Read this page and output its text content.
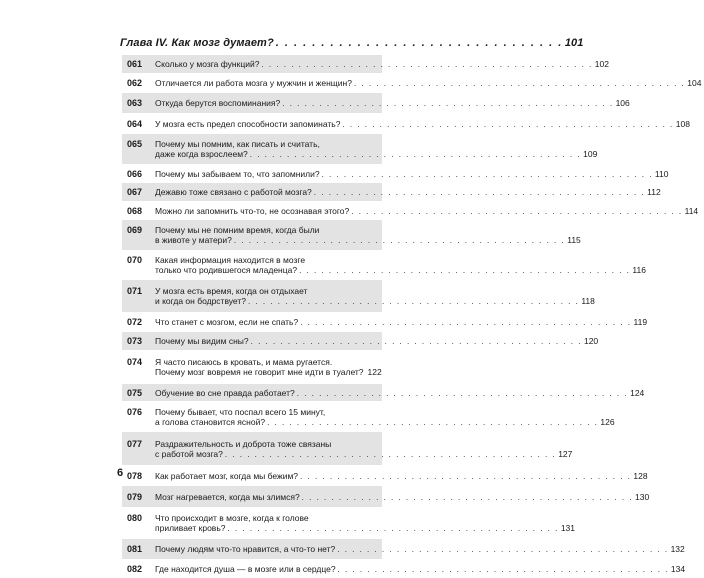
Глава IV. Как мозг думает? . . . . . . . . . . . . . . . . . . . . . . . . . . . . . . . . 101
061	Сколько у мозга функций? . . . . . . . . . . . . . . . . . . . . . . . . . . . . . . . . . . . . . . . . . . . . . 102
062	Отличается ли работа мозга у мужчин и женщин? . . . . . . . . . . . . . . . . . . . . . . . . . . . . . . . . . . . . . . . . . . . . . 104
063	Откуда берутся воспоминания? . . . . . . . . . . . . . . . . . . . . . . . . . . . . . . . . . . . . . . . . . . . . . 106
064	У мозга есть предел способности запоминать? . . . . . . . . . . . . . . . . . . . . . . . . . . . . . . . . . . . . . . . . . . . . . 108
065	Почему мы помним, как писать и считать,
даже когда взрослеем? . . . . . . . . . . . . . . . . . . . . . . . . . . . . . . . . . . . . . . . . . . . . . 109
066	Почему мы забываем то, что запомнили? . . . . . . . . . . . . . . . . . . . . . . . . . . . . . . . . . . . . . . . . . . . . . 110
067	Дежавю тоже связано с работой мозга? . . . . . . . . . . . . . . . . . . . . . . . . . . . . . . . . . . . . . . . . . . . . . 112
068	Можно ли запомнить что-то, не осознавая этого? . . . . . . . . . . . . . . . . . . . . . . . . . . . . . . . . . . . . . . . . . . . . . 114
069	Почему мы не помним время, когда были
в животе у матери? . . . . . . . . . . . . . . . . . . . . . . . . . . . . . . . . . . . . . . . . . . . . . 115
070	Какая информация находится в мозге
только что родившегося младенца? . . . . . . . . . . . . . . . . . . . . . . . . . . . . . . . . . . . . . . . . . . . . . 116
071	У мозга есть время, когда он отдыхает
и когда он бодрствует? . . . . . . . . . . . . . . . . . . . . . . . . . . . . . . . . . . . . . . . . . . . . . 118
072	Что станет с мозгом, если не спать? . . . . . . . . . . . . . . . . . . . . . . . . . . . . . . . . . . . . . . . . . . . . . 119
073	Почему мы видим сны? . . . . . . . . . . . . . . . . . . . . . . . . . . . . . . . . . . . . . . . . . . . . . 120
074	Я часто писаюсь в кровать, и мама ругается.
Почему мозг вовремя не говорит мне идти в туалет? 122
075	Обучение во сне правда работает? . . . . . . . . . . . . . . . . . . . . . . . . . . . . . . . . . . . . . . . . . . . . . 124
076	Почему бывает, что поспал всего 15 минут,
а голова становится ясной? . . . . . . . . . . . . . . . . . . . . . . . . . . . . . . . . . . . . . . . . . . . . . 126
077	Раздражительность и доброта тоже связаны
с работой мозга? . . . . . . . . . . . . . . . . . . . . . . . . . . . . . . . . . . . . . . . . . . . . . 127
078	Как работает мозг, когда мы бежим? . . . . . . . . . . . . . . . . . . . . . . . . . . . . . . . . . . . . . . . . . . . . . 128
079	Мозг нагревается, когда мы злимся? . . . . . . . . . . . . . . . . . . . . . . . . . . . . . . . . . . . . . . . . . . . . . 130
080	Что происходит в мозге, когда к голове
приливает кровь? . . . . . . . . . . . . . . . . . . . . . . . . . . . . . . . . . . . . . . . . . . . . . 131
081	Почему людям что-то нравится, а что-то нет? . . . . . . . . . . . . . . . . . . . . . . . . . . . . . . . . . . . . . . . . . . . . . 132
082	Где находится душа — в мозге или в сердце? . . . . . . . . . . . . . . . . . . . . . . . . . . . . . . . . . . . . . . . . . . . . . 134
6
